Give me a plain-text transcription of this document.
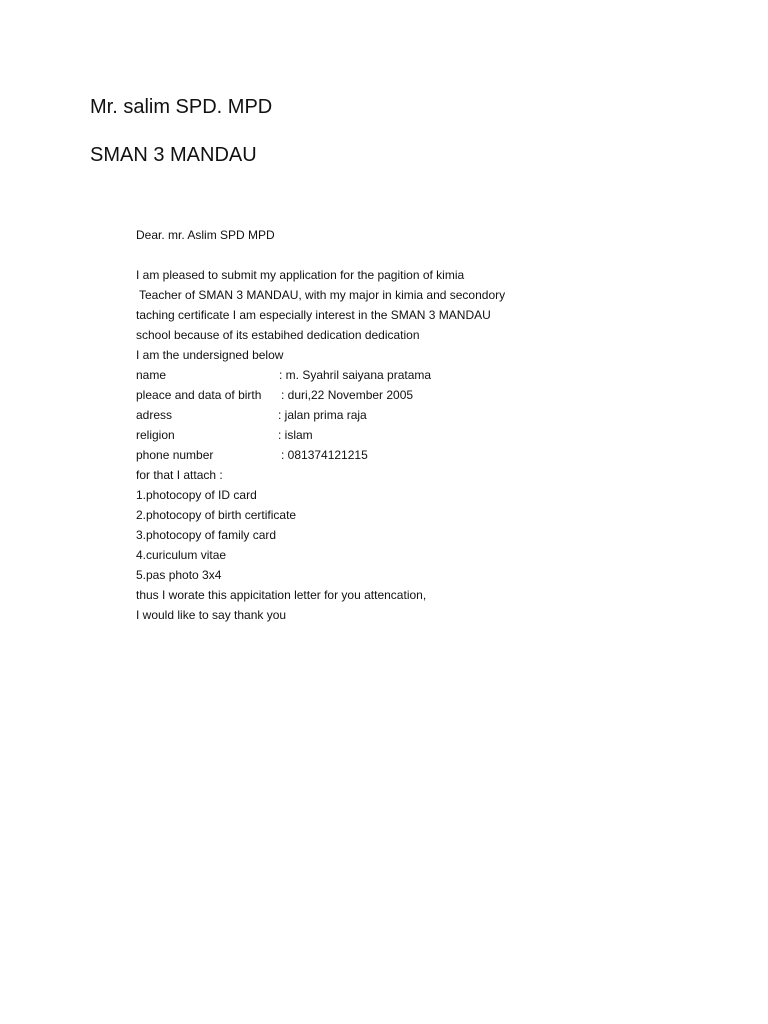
Mr. salim SPD. MPD
SMAN 3 MANDAU
Dear. mr. Aslim SPD MPD
I am pleased to submit my application for the pagition of kimia
Teacher of SMAN 3 MANDAU, with my major in kimia and secondory
taching certificate I am especially interest in the SMAN 3 MANDAU
school because of its estabihed dedication dedication
I am the undersigned below
name	: m. Syahril saiyana pratama
pleace and data of birth : duri,22 November 2005
adress	: jalan prima raja
religion	: islam
phone number	: 081374121215
for that I attach :
1.photocopy of ID card
2.photocopy of birth certificate
3.photocopy of family card
4.curiculum vitae
5.pas photo 3x4
thus I worate this appicitation letter for you attencation,
I would like to say thank you
